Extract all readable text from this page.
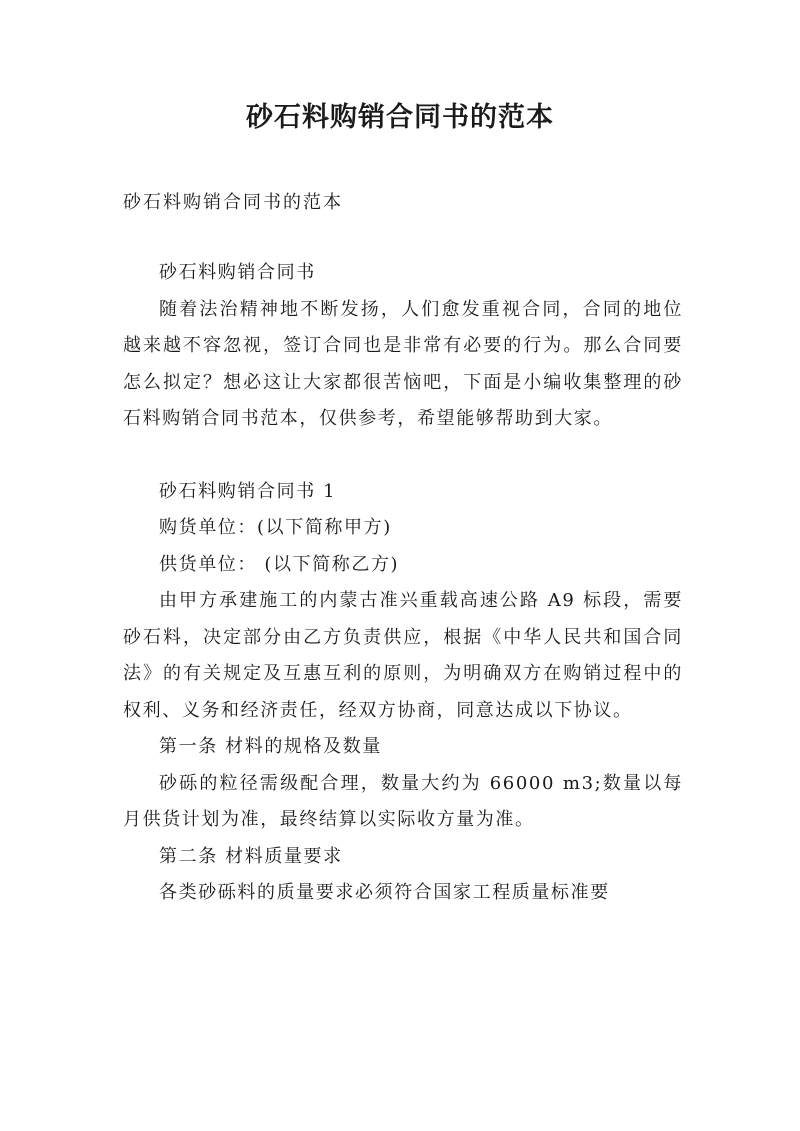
砂石料购销合同书的范本
砂石料购销合同书的范本

砂石料购销合同书

随着法治精神地不断发扬，人们愈发重视合同，合同的地位越来越不容忽视，签订合同也是非常有必要的行为。那么合同要怎么拟定？想必这让大家都很苦恼吧，下面是小编收集整理的砂石料购销合同书范本，仅供参考，希望能够帮助到大家。

砂石料购销合同书 1

购货单位：(以下简称甲方)

供货单位： (以下简称乙方)

由甲方承建施工的内蒙古准兴重载高速公路 A9 标段，需要砂石料，决定部分由乙方负责供应，根据《中华人民共和国合同法》的有关规定及互惠互利的原则，为明确双方在购销过程中的权利、义务和经济责任，经双方协商，同意达成以下协议。

第一条 材料的规格及数量

砂砾的粒径需级配合理，数量大约为 66000 m3;数量以每月供货计划为准，最终结算以实际收方量为准。

第二条 材料质量要求

各类砂砾料的质量要求必须符合国家工程质量标准要
